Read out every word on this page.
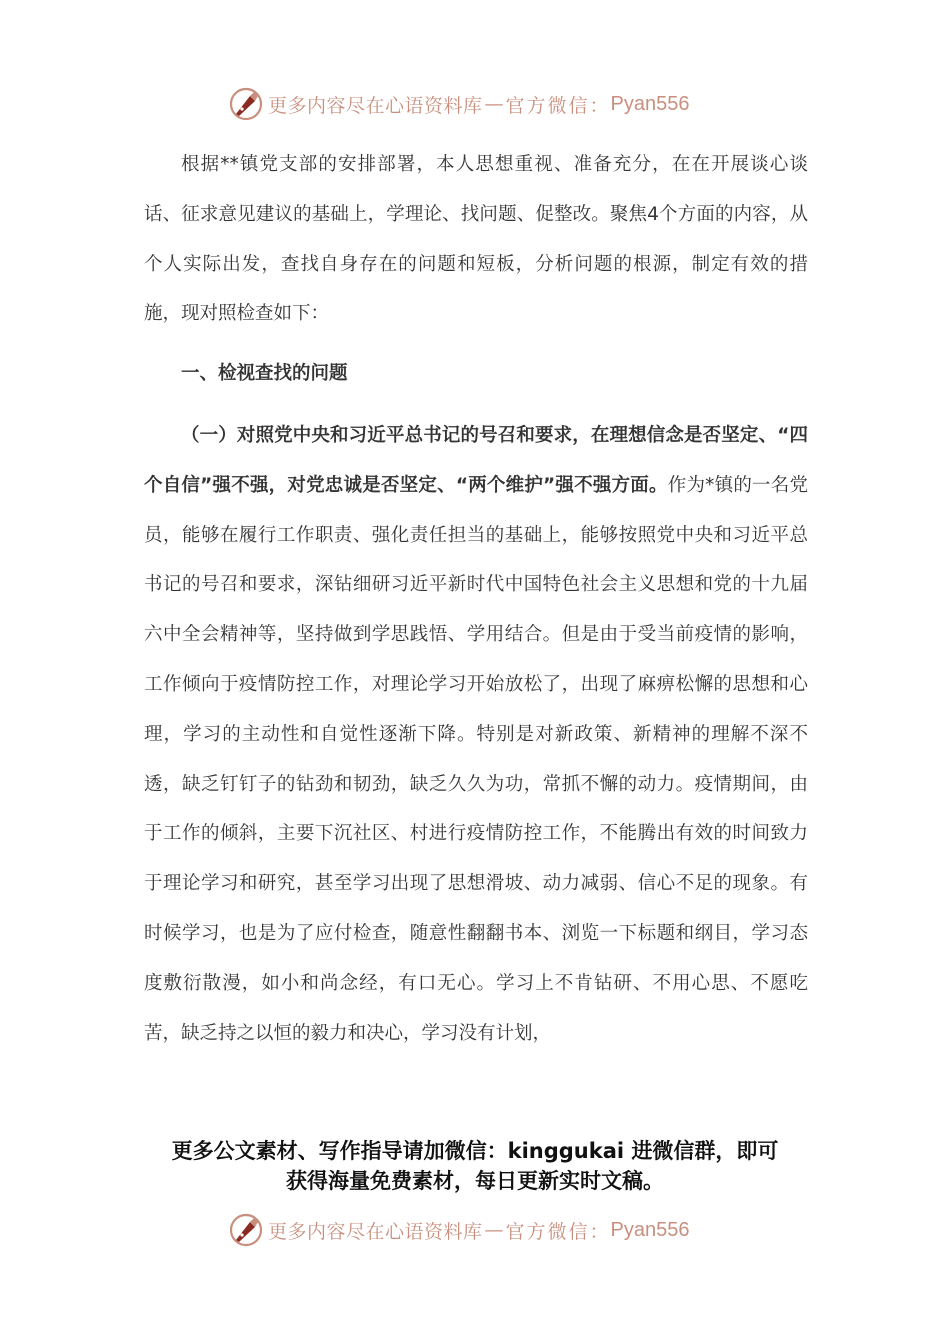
更多内容尽在心语资料库 — 官方微信： Pyan556

根据**镇党支部的安排部署，本人思想重视、准备充分，在在开展谈心谈话、征求意见建议的基础上，学理论、找问题、促整改。聚焦4个方面的内容，从个人实际出发，查找自身存在的问题和短板，分析问题的根源，制定有效的措施，现对照检查如下：

一、检视查找的问题

（一）对照党中央和习近平总书记的号召和要求，在理想信念是否坚定、“四个自信”强不强，对党忠诚是否坚定、“两个维护”强不强方面。作为*镇的一名党员，能够在履行工作职责、强化责任担当的基础上，能够按照党中央和习近平总书记的号召和要求，深钻细研习近平新时代中国特色社会主义思想和党的十九届六中全会精神等，坚持做到学思践悟、学用结合。但是由于受当前疫情的影响，工作倾向于疫情防控工作，对理论学习开始放松了，出现了麻痹松懈的思想和心理，学习的主动性和自觉性逐渐下降。特别是对新政策、新精神的理解不深不透，缺乏钉钉子的钻劲和韧劲，缺乏久久为功，常抓不懈的动力。疫情期间，由于工作的倾斜，主要下沉社区、村进行疫情防控工作，不能腾出有效的时间致力于理论学习和研究，甚至学习出现了思想滑坡、动力减弱、信心不足的现象。有时候学习，也是为了应付检查，随意性翻翻书本、浏览一下标题和纲目，学习态度敷衍散漫，如小和尚念经，有口无心。学习上不肯钻研、不用心思、不愿吃苦，缺乏持之以恒的毅力和决心，学习没有计划，

更多公文素材、写作指导请加微信：kinggukai 进微信群，即可
获得海量免费素材，每日更新实时文稿。
更多内容尽在心语资料库 — 官方微信： Pyan556
